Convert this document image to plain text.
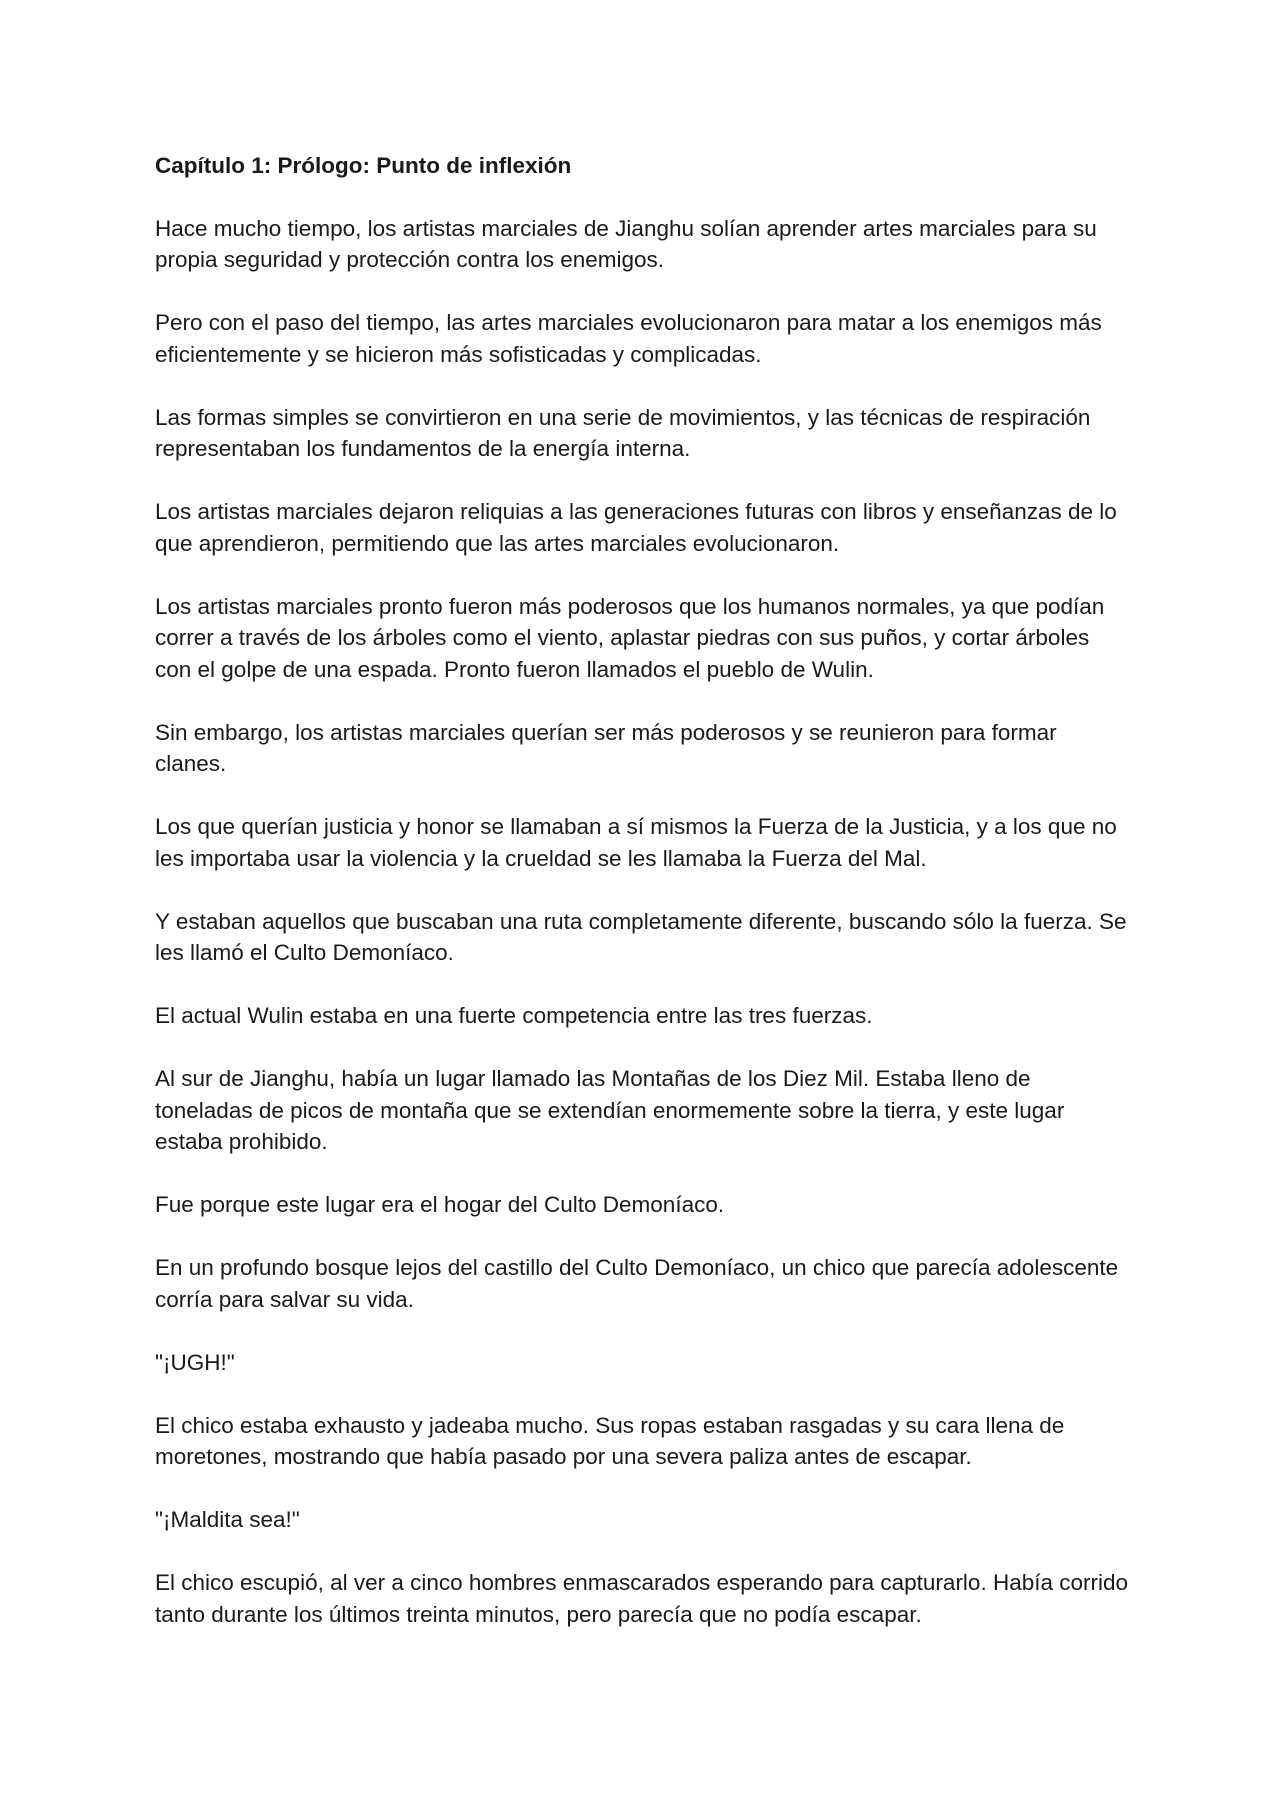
Capítulo 1: Prólogo: Punto de inflexión

Hace mucho tiempo, los artistas marciales de Jianghu solían aprender artes marciales para su propia seguridad y protección contra los enemigos.

Pero con el paso del tiempo, las artes marciales evolucionaron para matar a los enemigos más eficientemente y se hicieron más sofisticadas y complicadas.

Las formas simples se convirtieron en una serie de movimientos, y las técnicas de respiración representaban los fundamentos de la energía interna.

Los artistas marciales dejaron reliquias a las generaciones futuras con libros y enseñanzas de lo que aprendieron, permitiendo que las artes marciales evolucionaron.

Los artistas marciales pronto fueron más poderosos que los humanos normales, ya que podían correr a través de los árboles como el viento, aplastar piedras con sus puños, y cortar árboles con el golpe de una espada. Pronto fueron llamados el pueblo de Wulin.

Sin embargo, los artistas marciales querían ser más poderosos y se reunieron para formar clanes.

Los que querían justicia y honor se llamaban a sí mismos la Fuerza de la Justicia, y a los que no les importaba usar la violencia y la crueldad se les llamaba la Fuerza del Mal.

Y estaban aquellos que buscaban una ruta completamente diferente, buscando sólo la fuerza. Se les llamó el Culto Demoníaco.

El actual Wulin estaba en una fuerte competencia entre las tres fuerzas.

Al sur de Jianghu, había un lugar llamado las Montañas de los Diez Mil. Estaba lleno de toneladas de picos de montaña que se extendían enormemente sobre la tierra, y este lugar estaba prohibido.

Fue porque este lugar era el hogar del Culto Demoníaco.

En un profundo bosque lejos del castillo del Culto Demoníaco, un chico que parecía adolescente corría para salvar su vida.

"¡UGH!"

El chico estaba exhausto y jadeaba mucho. Sus ropas estaban rasgadas y su cara llena de moretones, mostrando que había pasado por una severa paliza antes de escapar.

"¡Maldita sea!"

El chico escupió, al ver a cinco hombres enmascarados esperando para capturarlo. Había corrido tanto durante los últimos treinta minutos, pero parecía que no podía escapar.
